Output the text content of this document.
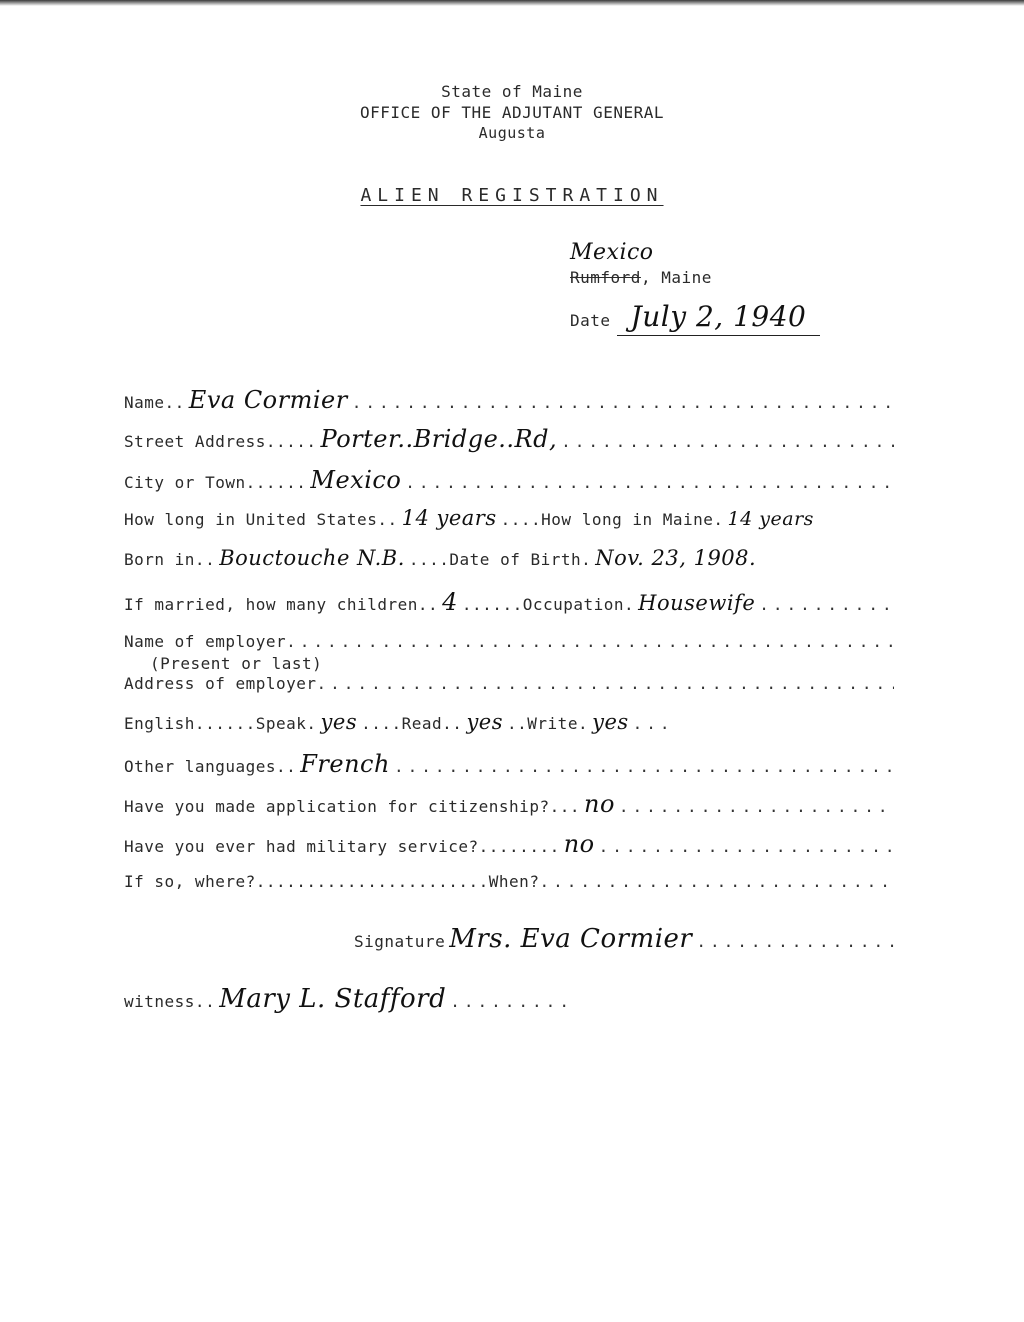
State of Maine
OFFICE OF THE ADJUTANT GENERAL
Augusta
ALIEN REGISTRATION
Mexico
Rumford, Maine
Date July 2, 1940
Name.. Eva Cormier
.....
Street Address..... Porter..Bridge..Rd,
.....
City or Town...... Mexico
.....
How long in United States.. 14 years ....How long in Maine. 14 years
Born in.. Bouctouche N.B. ....Date of Birth. Nov. 23, 1908.
If married, how many children.. 4 ......Occupation. Housewife
.....
Name of employer
.....
(Present or last)
Address of employer
.....
English......Speak. yes ....Read.. yes ..Write. yes ...
Other languages.. French
.....
Have you made application for citizenship?... no
.....
Have you ever had military service?........ no
.....
If so, where?.......................When?
.....
Signature Mrs. Eva Cormier
.....
witness.. Mary L. Stafford
.....
